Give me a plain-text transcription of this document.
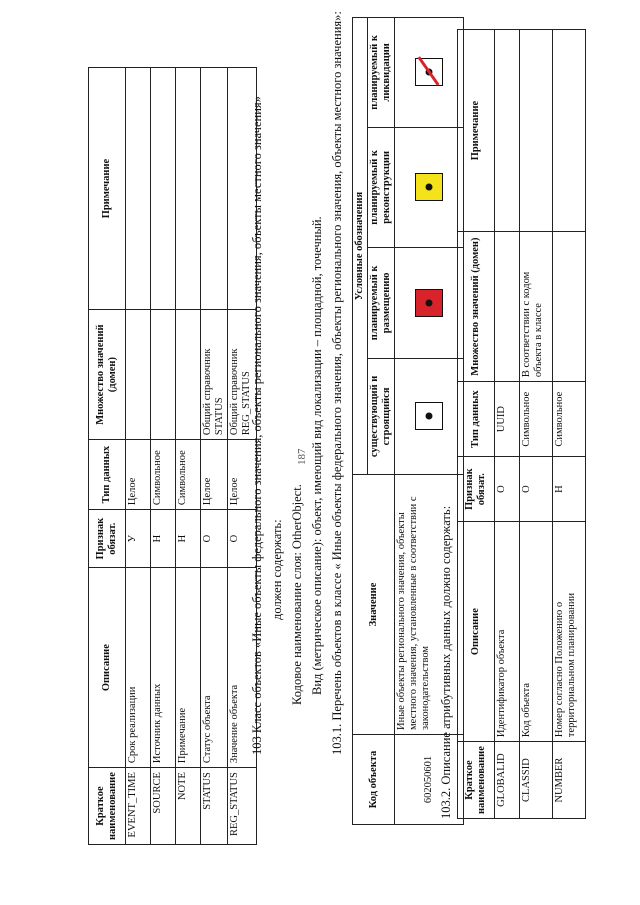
187
Краткое наименование	Описание	Признак обязат.	Тип данных	Множество значений (домен)	Примечание
EVENT_TIME	Срок реализации	У	Целое		
SOURCE	Источник данных	Н	Символьное		
NOTE	Примечание	Н	Символьное		
STATUS	Статус объекта	О	Целое	Общий справочник STATUS	
REG_STATUS	Значение объекта	О	Целое	Общий справочник REG_STATUS	
103 Класс объектов «Иные объекты федерального значения, объекты регионального значения, объекты местного значения» должен содержать: Кодовое наименование слоя: OtherObject. Вид (метрическое описание): объект, имеющий вид локализации – площадной, точечный. 103.1. Перечень объектов в классе « Иные объекты федерального значения, объекты регионального значения, объекты местного значения»:
Код объекта	Значение	Условные обозначения			
		существующий и строящийся	планируемый к размещению	планируемый к реконструкции	планируемый к ликвидации
602050601	Иные объекты регионального значения, объекты местного значения, установленные в соответствии с законодательством	

	103.2. Описание атрибутивных данных должно содержать: Краткое наименование	Описание	Признак обязат.	Тип данных	Множество значений (домен)	Примечание
GLOBALID	Идентификатор объекта	О	UUID		
CLASSID	Код объекта	О	Символьное	В соответствии с кодом объекта в классе	
NUMBER	Номер согласно Положению о территориальном планировании	Н	Символьное		
